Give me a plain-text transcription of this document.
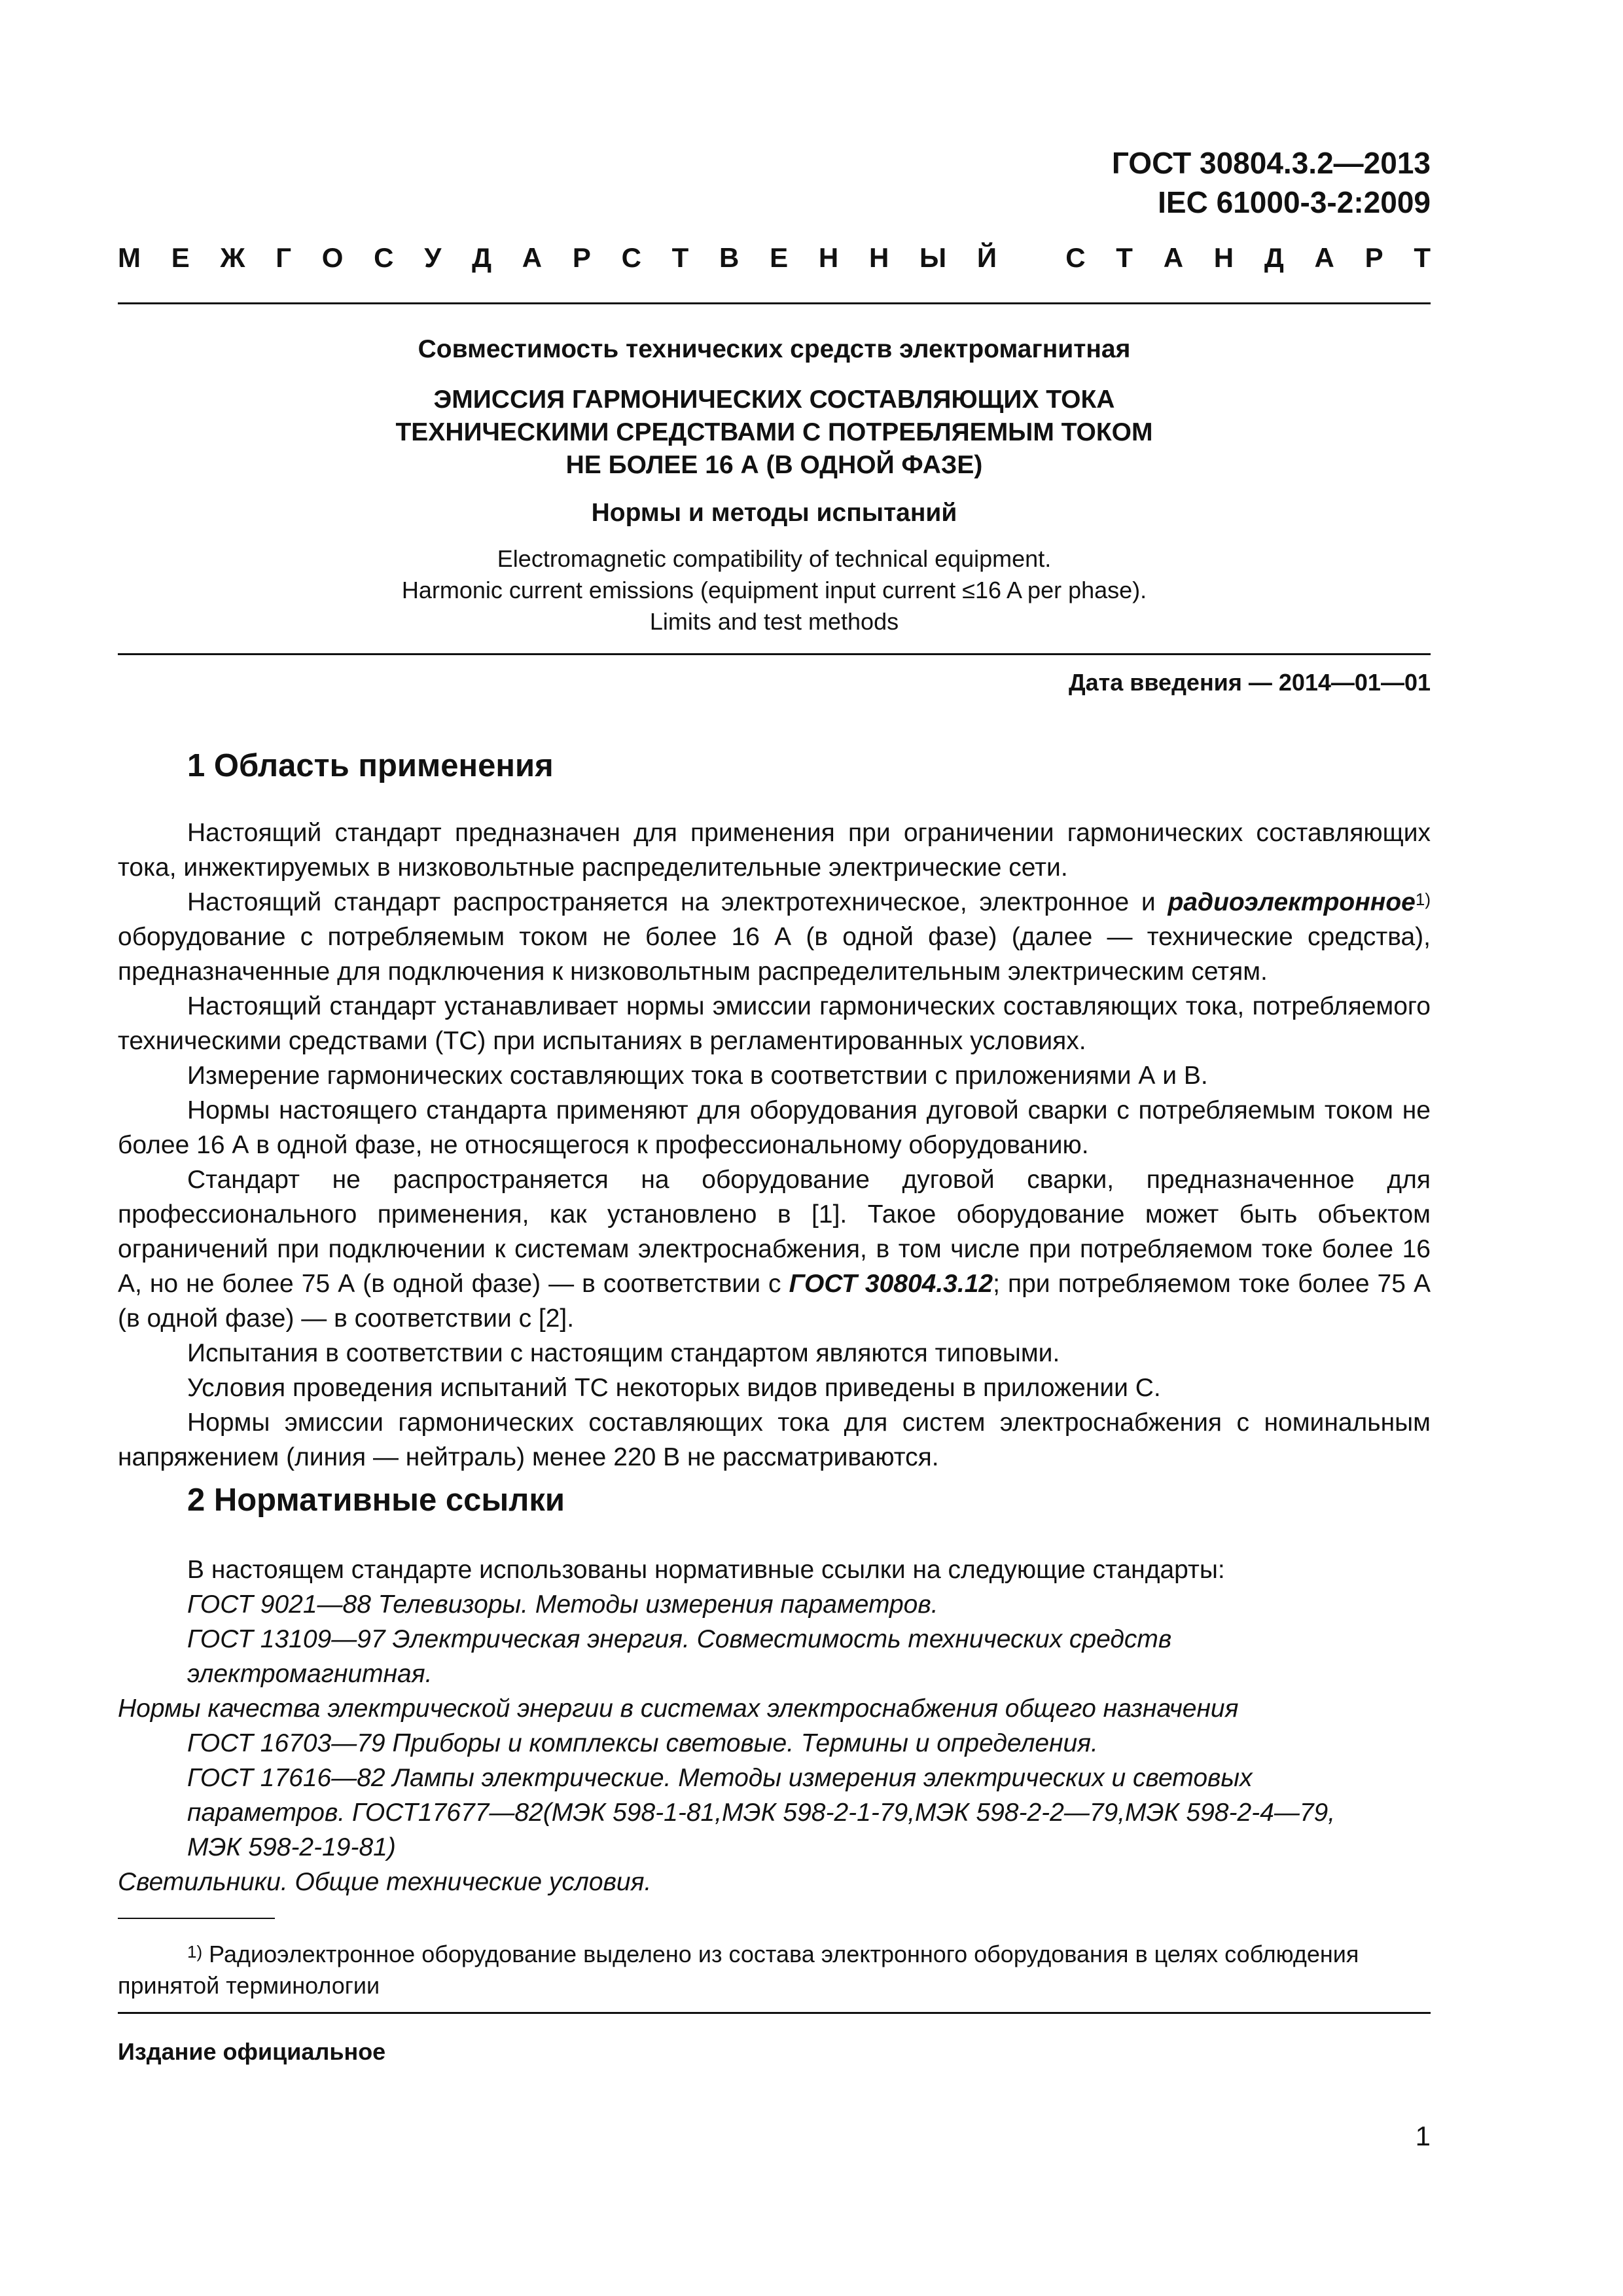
ГОСТ 30804.3.2—2013
IEC 61000-3-2:2009
М Е Ж Г О С У Д А Р С Т В Е Н Н Ы Й
	С Т А Н Д А Р Т
Совместимость технических средств электромагнитная
ЭМИССИЯ ГАРМОНИЧЕСКИХ СОСТАВЛЯЮЩИХ ТОКА
ТЕХНИЧЕСКИМИ СРЕДСТВАМИ С ПОТРЕБЛЯЕМЫМ ТОКОМ
НЕ БОЛЕЕ 16 А (В ОДНОЙ ФАЗЕ)
Нормы и методы испытаний
Electromagnetic compatibility of technical equipment.
Harmonic current emissions (equipment input current ≤16 A per phase).
Limits and test methods
Дата введения — 2014—01—01
1 Область применения

Настоящий стандарт предназначен для применения при ограничении гармонических составляющих тока, инжектируемых в низковольтные распределительные электрические сети.

Настоящий стандарт распространяется на электротехническое, электронное и радиоэлектронное$^{1)}$ оборудование с потребляемым током не более 16 А (в одной фазе) (далее — технические средства), предназначенные для подключения к низковольтным распределительным электрическим сетям.

Настоящий стандарт устанавливает нормы эмиссии гармонических составляющих тока, потребляемого техническими средствами (ТС) при испытаниях в регламентированных условиях.

Измерение гармонических составляющих тока в соответствии с приложениями А и В.

Нормы настоящего стандарта применяют для оборудования дуговой сварки с потребляемым током не более 16 А в одной фазе, не относящегося к профессиональному оборудованию.

Стандарт не распространяется на оборудование дуговой сварки, предназначенное для профессионального применения, как установлено в [1]. Такое оборудование может быть объектом ограничений при подключении к системам электроснабжения, в том числе при потребляемом токе более 16 А, но не более 75 А (в одной фазе) — в соответствии с ГОСТ 30804.3.12; при потребляемом токе более 75 А (в одной фазе) — в соответствии с [2].

Испытания в соответствии с настоящим стандартом являются типовыми.

Условия проведения испытаний ТС некоторых видов приведены в приложении С.

Нормы эмиссии гармонических составляющих тока для систем электроснабжения с номинальным напряжением (линия — нейтраль) менее 220 В не рассматриваются.

2 Нормативные ссылки
В настоящем стандарте использованы нормативные ссылки на следующие стандарты:
ГОСТ 9021—88 Телевизоры. Методы измерения параметров.
ГОСТ 13109—97 Электрическая энергия. Совместимость технических средств
электромагнитная.
Нормы качества электрической энергии в системах электроснабжения общего назначения
ГОСТ 16703—79 Приборы и комплексы световые. Термины и определения.
ГОСТ 17616—82 Лампы электрические. Методы измерения электрических и световых
параметров. ГОСТ17677—82(МЭК 598-1-81,МЭК 598-2-1-79,МЭК 598-2-2—79,МЭК 598-2-4—79,
МЭК 598-2-19-81)
Светильники. Общие технические условия.
$^{1)}$ Радиоэлектронное оборудование выделено из состава электронного оборудования в целях соблюдения
принятой терминологии
Издание официальное
1
